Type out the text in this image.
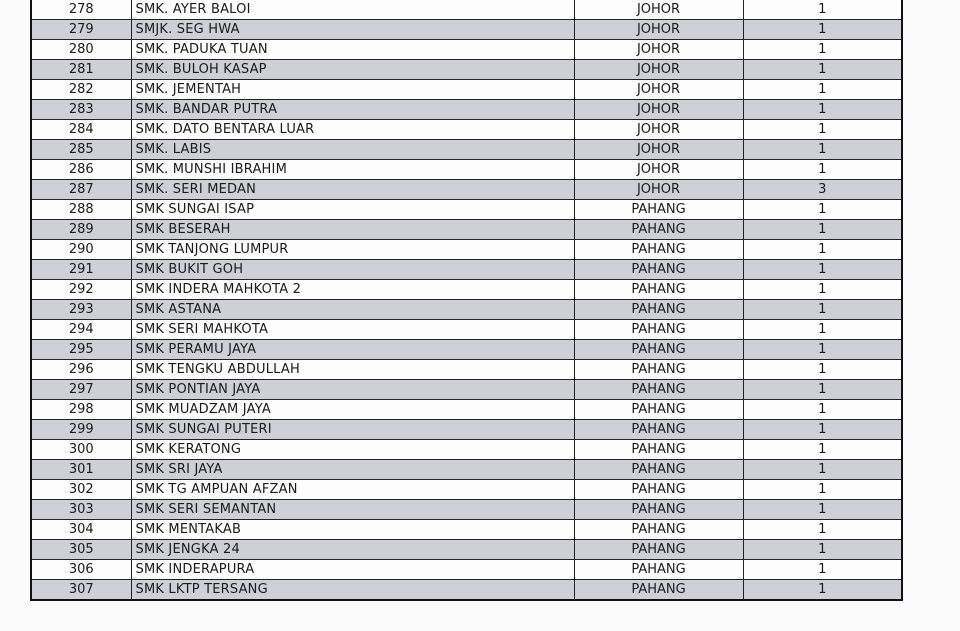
278	SMK. AYER BALOI	JOHOR	1
279	SMJK. SEG HWA	JOHOR	1
280	SMK. PADUKA TUAN	JOHOR	1
281	SMK. BULOH KASAP	JOHOR	1
282	SMK. JEMENTAH	JOHOR	1
283	SMK. BANDAR PUTRA	JOHOR	1
284	SMK. DATO BENTARA LUAR	JOHOR	1
285	SMK. LABIS	JOHOR	1
286	SMK. MUNSHI IBRAHIM	JOHOR	1
287	SMK. SERI MEDAN	JOHOR	3
288	SMK SUNGAI ISAP	PAHANG	1
289	SMK BESERAH	PAHANG	1
290	SMK TANJONG LUMPUR	PAHANG	1
291	SMK BUKIT GOH	PAHANG	1
292	SMK INDERA MAHKOTA 2	PAHANG	1
293	SMK ASTANA	PAHANG	1
294	SMK SERI MAHKOTA	PAHANG	1
295	SMK PERAMU JAYA	PAHANG	1
296	SMK TENGKU ABDULLAH	PAHANG	1
297	SMK PONTIAN JAYA	PAHANG	1
298	SMK MUADZAM JAYA	PAHANG	1
299	SMK SUNGAI PUTERI	PAHANG	1
300	SMK KERATONG	PAHANG	1
301	SMK SRI JAYA	PAHANG	1
302	SMK TG AMPUAN AFZAN	PAHANG	1
303	SMK SERI SEMANTAN	PAHANG	1
304	SMK MENTAKAB	PAHANG	1
305	SMK JENGKA 24	PAHANG	1
306	SMK INDERAPURA	PAHANG	1
307	SMK LKTP TERSANG	PAHANG	1
